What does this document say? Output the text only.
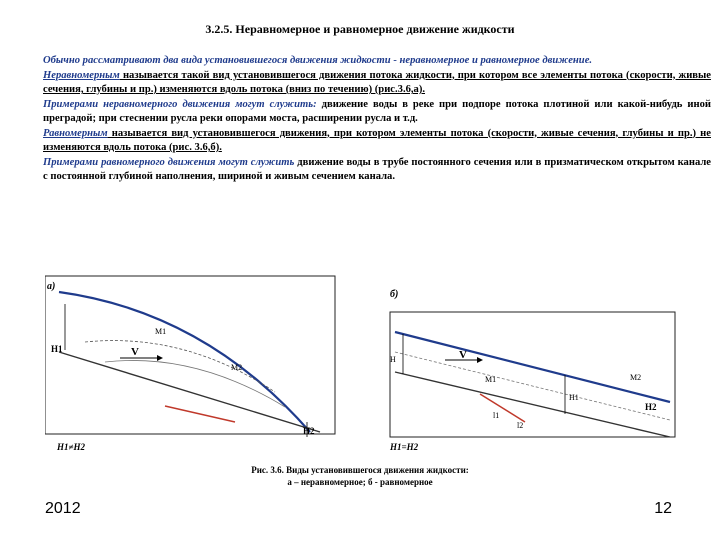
3.2.5. Неравномерное и равномерное движение жидкости

Обычно рассматривают два вида установившегося движения жидкости - неравномерное и равномерное движение.

Неравномерным называется такой вид установившегося движения потока жидкости, при котором все элементы потока (скорости, живые сечения, глубины и пр.) изменяются вдоль потока (вниз по течению) (рис.3.6,а).

Примерами неравномерного движения могут служить: движение воды в реке при подпоре потока плотиной или какой-нибудь иной преградой; при стеснении русла реки опорами моста, расширении русла и т.д.

Равномерным называется вид установившегося движения, при котором элементы потока (скорости, живые сечения, глубины и пр.) не изменяются вдоль потока (рис. 3.6,б).

Примерами равномерного движения могут служить движение воды в трубе постоянного сечения или в призматическом открытом канале с постоянной глубиной наполнения, шириной и живым сечением канала.

а)
H1	V
M1
M2
H2
H1≠H2
б)
H	V
M1	M2
l1
l2
H1
H2
H1=H2
Рис. 3.6. Виды установившегося движения жидкости:
а – неравномерное; б - равномерное
2012	12
